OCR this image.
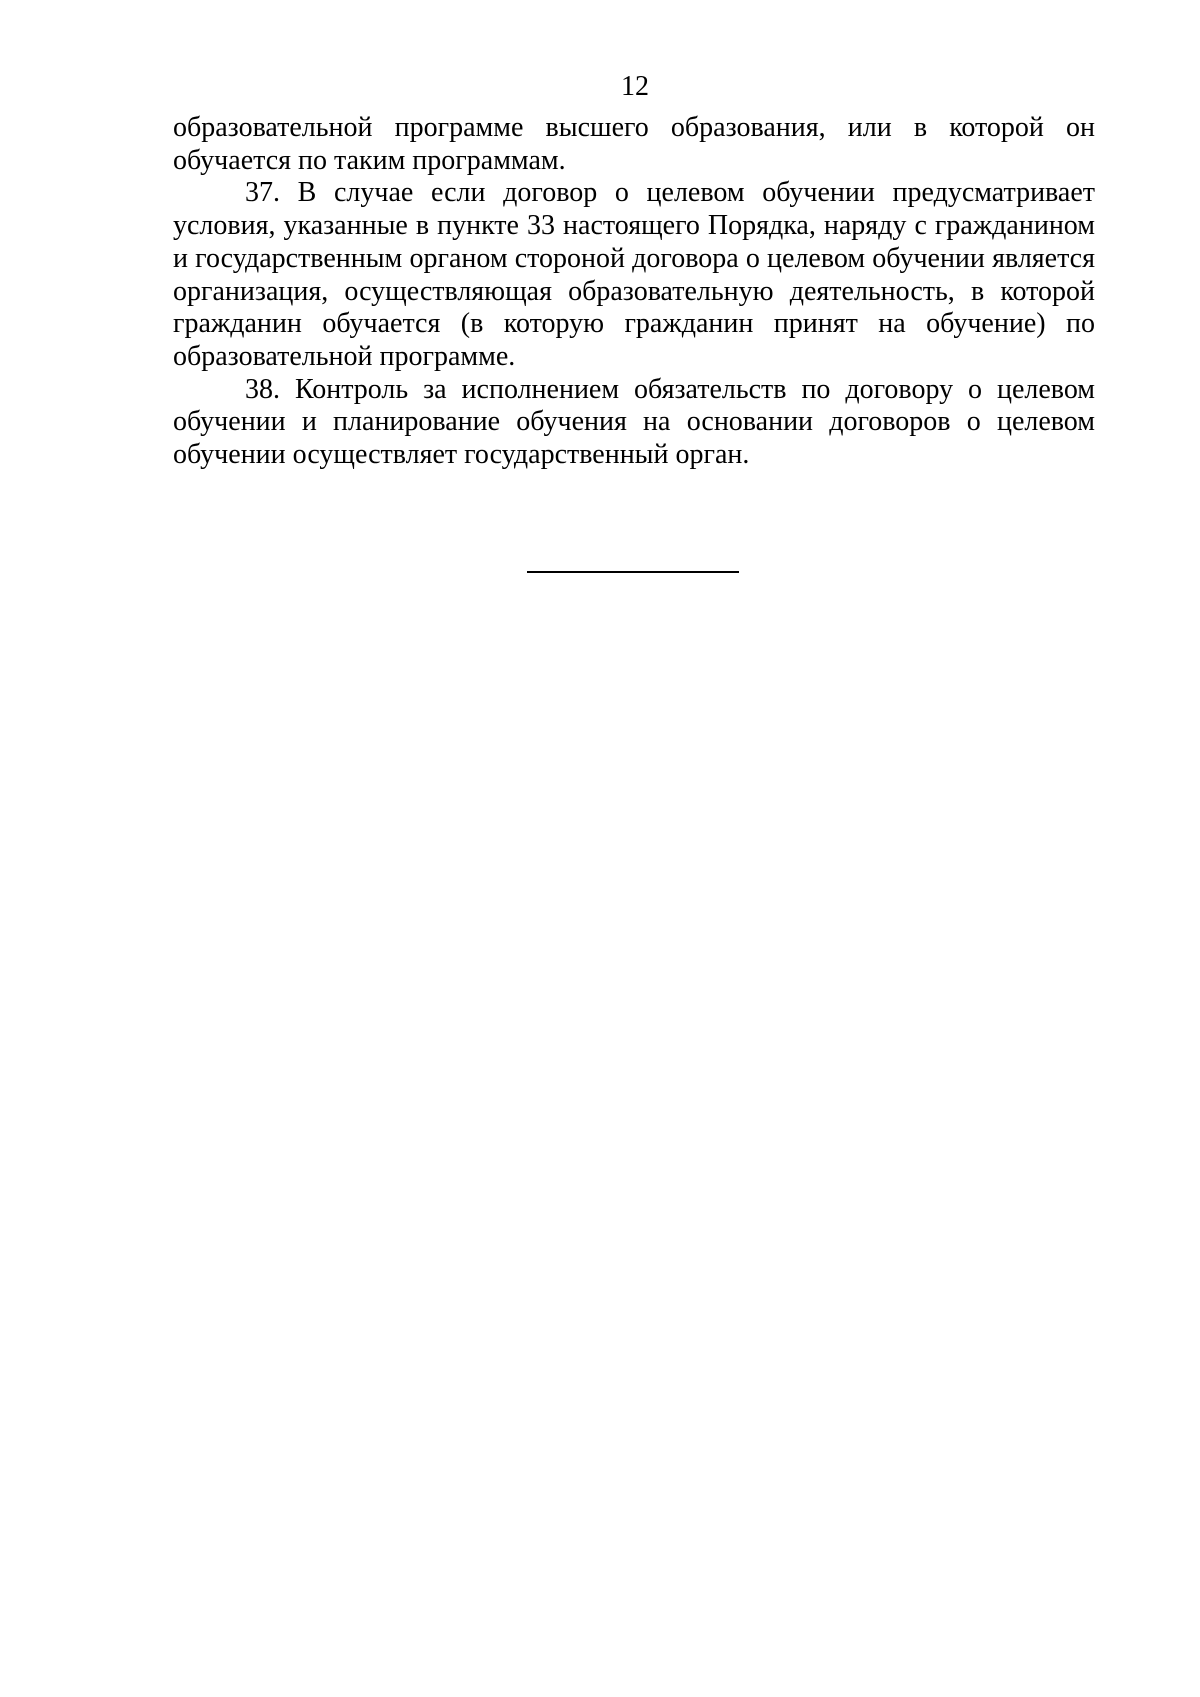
12

образовательной программе высшего образования, или в которой он обучается по таким программам.

37. В случае если договор о целевом обучении предусматривает условия, указанные в пункте 33 настоящего Порядка, наряду с гражданином и государственным органом стороной договора о целевом обучении является организация, осуществляющая образовательную деятельность, в которой гражданин обучается (в которую гражданин принят на обучение) по образовательной программе.

38. Контроль за исполнением обязательств по договору о целевом обучении и планирование обучения на основании договоров о целевом обучении осуществляет государственный орган.
